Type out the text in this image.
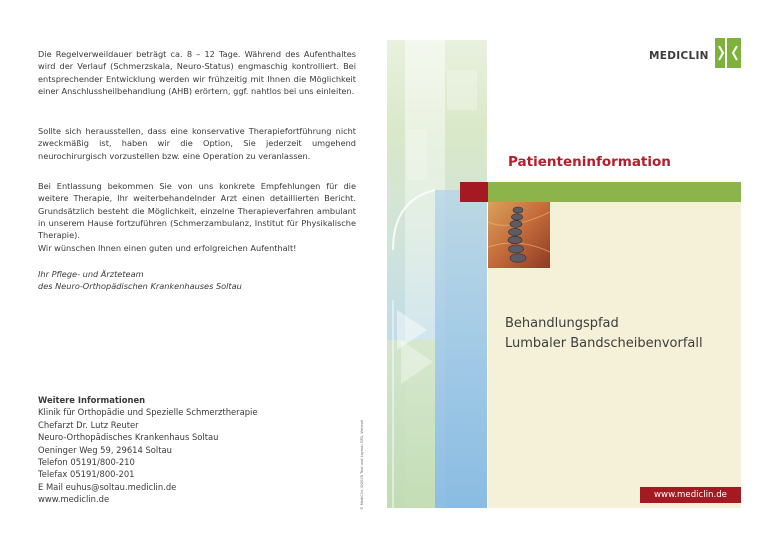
Die Regelverweildauer beträgt ca. 8 – 12 Tage. Während des Aufenthaltes wird der Verlauf (Schmerzskala, Neuro-Status) engmaschig kontrolliert. Bei entsprechender Entwicklung werden wir frühzeitig mit Ihnen die Möglichkeit einer Anschlussheilbehandlung (AHB) erörtern, ggf. nahtlos bei uns einleiten.

Sollte sich herausstellen, dass eine konservative Therapiefortführung nicht zweckmäßig ist, haben wir die Option, Sie jederzeit umgehend neurochirurgisch vorzustellen bzw. eine Operation zu veranlassen.

Bei Entlassung bekommen Sie von uns konkrete Empfehlungen für die weitere Therapie, Ihr weiterbehandelnder Arzt einen detaillierten Bericht. Grundsätzlich besteht die Möglichkeit, einzelne Therapieverfahren ambulant in unserem Hause fortzuführen (Schmerzambulanz, Institut für Physikalische Therapie).

Wir wünschen Ihnen einen guten und erfolgreichen Aufenthalt!

Ihr Pflege- und Ärzteteam
des Neuro-Orthopädischen Krankenhauses Soltau
Weitere Informationen
Klinik für Orthopädie und Spezielle Schmerztherapie
Chefarzt Dr. Lutz Reuter
Neuro-Orthopädisches Krankenhaus Soltau
Oeninger Weg 59, 29614 Soltau
Telefon 05191/800-210
Telefax 05191/800-201
E Mail euhus@soltau.mediclin.de
www.mediclin.de	© MediClin, 8/2005 Text und Layout: DFA, Weinsel
MEDICLIN
Patienteninformation
Behandlungspfad
Lumbaler Bandscheibenvorfall
www.mediclin.de
